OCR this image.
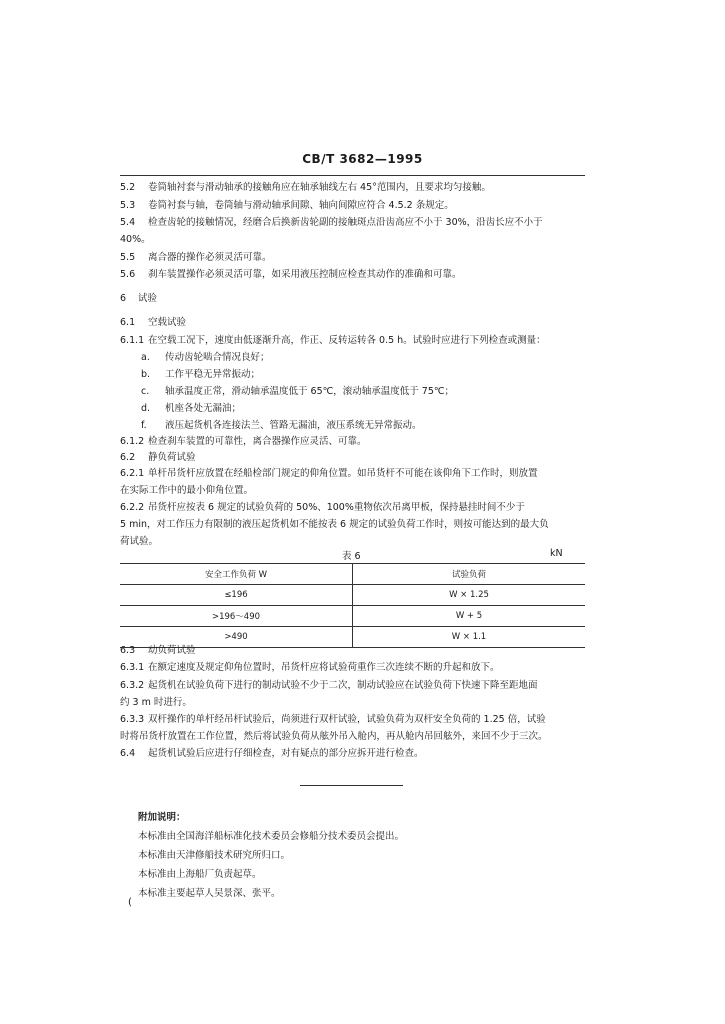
CB/T 3682—1995
5.2 卷筒轴衬套与滑动轴承的接触角应在轴承轴线左右 45°范围内，且要求均匀接触。
5.3 卷筒衬套与轴，卷筒轴与滑动轴承间隙、轴向间隙应符合 4.5.2 条规定。
5.4 检查齿轮的接触情况，经磨合后换新齿轮副的接触斑点沿齿高应不小于 30%，沿齿长应不小于
40%。
5.5 离合器的操作必须灵活可靠。
5.6 刹车装置操作必须灵活可靠，如采用液压控制应检查其动作的准确和可靠。
6 试验
6.1 空载试验
6.1.1 在空载工况下，速度由低逐渐升高，作正、反转运转各 0.5 h。试验时应进行下列检查或测量：
a. 传动齿轮啮合情况良好；
b. 工作平稳无异常振动；
c. 轴承温度正常，滑动轴承温度低于 65℃，滚动轴承温度低于 75℃；
d. 机座各处无漏油；
f. 液压起货机各连接法兰、管路无漏油，液压系统无异常振动。
6.1.2 检查刹车装置的可靠性，离合器操作应灵活、可靠。
6.2 静负荷试验
6.2.1 单杆吊货杆应放置在经船检部门规定的仰角位置。如吊货杆不可能在该仰角下工作时，则放置
在实际工作中的最小仰角位置。
6.2.2 吊货杆应按表 6 规定的试验负荷的 50%、100%重物依次吊离甲板，保持悬挂时间不少于
5 min，对工作压力有限制的液压起货机如不能按表 6 规定的试验负荷工作时，则按可能达到的最大负
荷试验。
表 6	kN
安全工作负荷 W	试验负荷
≤196	W × 1.25
>196～490	W + 5
>490	W × 1.1
6.3 动负荷试验
6.3.1 在额定速度及规定仰角位置时，吊货杆应将试验荷重作三次连续不断的升起和放下。
6.3.2 起货机在试验负荷下进行的制动试验不少于二次，制动试验应在试验负荷下快速下降至距地面
约 3 m 时进行。
6.3.3 双杆操作的单杆经吊杆试验后，尚须进行双杆试验，试验负荷为双杆安全负荷的 1.25 倍，试验
时将吊货杆放置在工作位置，然后将试验负荷从舷外吊入舱内，再从舱内吊回舷外，来回不少于三次。
6.4 起货机试验后应进行仔细检查，对有疑点的部分应拆开进行检查。
附加说明：
本标准由全国海洋船标准化技术委员会修船分技术委员会提出。
本标准由天津修船技术研究所归口。
本标准由上海船厂负责起草。
本标准主要起草人吴景深、张平。
(
